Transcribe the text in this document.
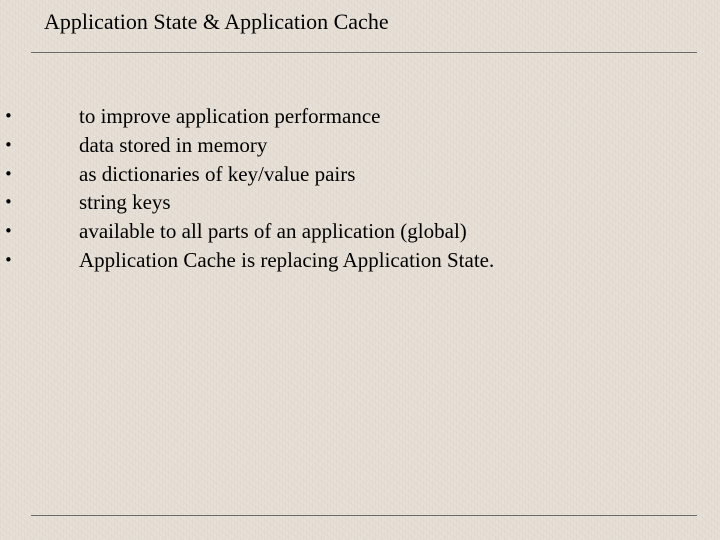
Application State & Application Cache
•	to improve application performance
•	data stored in memory
•	as dictionaries of key/value pairs
•	string keys
•	available to all parts of an application (global)
•	Application Cache is replacing Application State.
